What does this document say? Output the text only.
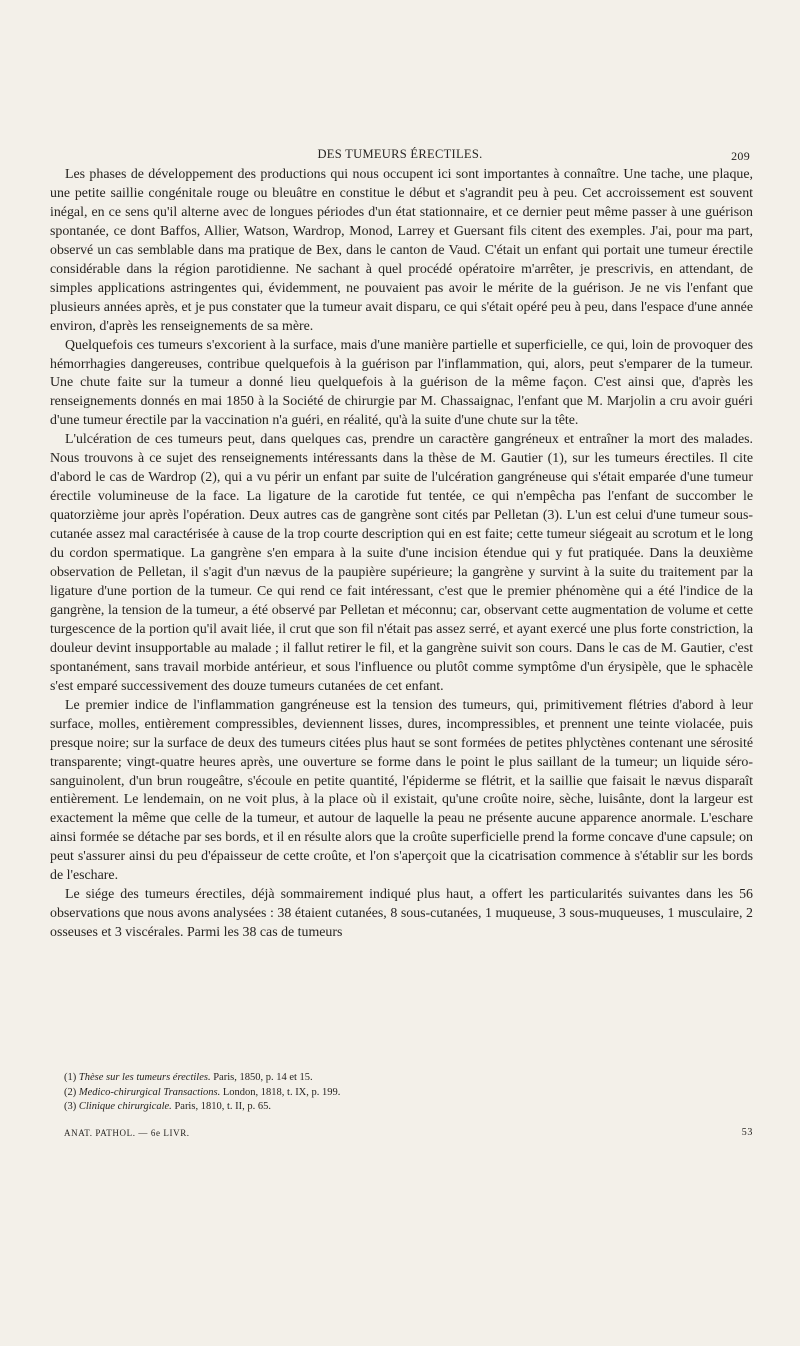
DES TUMEURS ÉRECTILES.	209

Les phases de développement des productions qui nous occupent ici sont importantes à connaître. Une tache, une plaque, une petite saillie congénitale rouge ou bleuâtre en constitue le début et s'agrandit peu à peu. Cet accroissement est souvent inégal, en ce sens qu'il alterne avec de longues périodes d'un état stationnaire, et ce dernier peut même passer à une guérison spontanée, ce dont Baffos, Allier, Watson, Wardrop, Monod, Larrey et Guersant fils citent des exemples. J'ai, pour ma part, observé un cas semblable dans ma pratique de Bex, dans le canton de Vaud. C'était un enfant qui portait une tumeur érectile considérable dans la région parotidienne. Ne sachant à quel procédé opératoire m'arrêter, je prescrivis, en attendant, de simples applications astringentes qui, évidemment, ne pouvaient pas avoir le mérite de la guérison. Je ne vis l'enfant que plusieurs années après, et je pus constater que la tumeur avait disparu, ce qui s'était opéré peu à peu, dans l'espace d'une année environ, d'après les renseignements de sa mère.

Quelquefois ces tumeurs s'excorient à la surface, mais d'une manière partielle et superficielle, ce qui, loin de provoquer des hémorrhagies dangereuses, contribue quelquefois à la guérison par l'inflammation, qui, alors, peut s'emparer de la tumeur. Une chute faite sur la tumeur a donné lieu quelquefois à la guérison de la même façon. C'est ainsi que, d'après les renseignements donnés en mai 1850 à la Société de chirurgie par M. Chassaignac, l'enfant que M. Marjolin a cru avoir guéri d'une tumeur érectile par la vaccination n'a guéri, en réalité, qu'à la suite d'une chute sur la tête.

L'ulcération de ces tumeurs peut, dans quelques cas, prendre un caractère gangréneux et entraîner la mort des malades. Nous trouvons à ce sujet des renseignements intéressants dans la thèse de M. Gautier (1), sur les tumeurs érectiles. Il cite d'abord le cas de Wardrop (2), qui a vu périr un enfant par suite de l'ulcération gangréneuse qui s'était emparée d'une tumeur érectile volumineuse de la face. La ligature de la carotide fut tentée, ce qui n'empêcha pas l'enfant de succomber le quatorzième jour après l'opération. Deux autres cas de gangrène sont cités par Pelletan (3). L'un est celui d'une tumeur sous-cutanée assez mal caractérisée à cause de la trop courte description qui en est faite; cette tumeur siégeait au scrotum et le long du cordon spermatique. La gangrène s'en empara à la suite d'une incision étendue qui y fut pratiquée. Dans la deuxième observation de Pelletan, il s'agit d'un nævus de la paupière supérieure; la gangrène y survint à la suite du traitement par la ligature d'une portion de la tumeur. Ce qui rend ce fait intéressant, c'est que le premier phénomène qui a été l'indice de la gangrène, la tension de la tumeur, a été observé par Pelletan et méconnu; car, observant cette augmentation de volume et cette turgescence de la portion qu'il avait liée, il crut que son fil n'était pas assez serré, et ayant exercé une plus forte constriction, la douleur devint insupportable au malade ; il fallut retirer le fil, et la gangrène suivit son cours. Dans le cas de M. Gautier, c'est spontanément, sans travail morbide antérieur, et sous l'influence ou plutôt comme symptôme d'un érysipèle, que le sphacèle s'est emparé successivement des douze tumeurs cutanées de cet enfant.

Le premier indice de l'inflammation gangréneuse est la tension des tumeurs, qui, primitivement flétries d'abord à leur surface, molles, entièrement compressibles, deviennent lisses, dures, incompressibles, et prennent une teinte violacée, puis presque noire; sur la surface de deux des tumeurs citées plus haut se sont formées de petites phlyctènes contenant une sérosité transparente; vingt-quatre heures après, une ouverture se forme dans le point le plus saillant de la tumeur; un liquide séro-sanguinolent, d'un brun rougeâtre, s'écoule en petite quantité, l'épiderme se flétrit, et la saillie que faisait le nævus disparaît entièrement. Le lendemain, on ne voit plus, à la place où il existait, qu'une croûte noire, sèche, luisânte, dont la largeur est exactement la même que celle de la tumeur, et autour de laquelle la peau ne présente aucune apparence anormale. L'eschare ainsi formée se détache par ses bords, et il en résulte alors que la croûte superficielle prend la forme concave d'une capsule; on peut s'assurer ainsi du peu d'épaisseur de cette croûte, et l'on s'aperçoit que la cicatrisation commence à s'établir sur les bords de l'eschare.

Le siége des tumeurs érectiles, déjà sommairement indiqué plus haut, a offert les particularités suivantes dans les 56 observations que nous avons analysées : 38 étaient cutanées, 8 sous-cutanées, 1 muqueuse, 3 sous-muqueuses, 1 musculaire, 2 osseuses et 3 viscérales. Parmi les 38 cas de tumeurs

(1) Thèse sur les tumeurs érectiles. Paris, 1850, p. 14 et 15.

(2) Medico-chirurgical Transactions. London, 1818, t. IX, p. 199.

(3) Clinique chirurgicale. Paris, 1810, t. II, p. 65.

ANAT. PATHOL. — 6e LIVR.	53
